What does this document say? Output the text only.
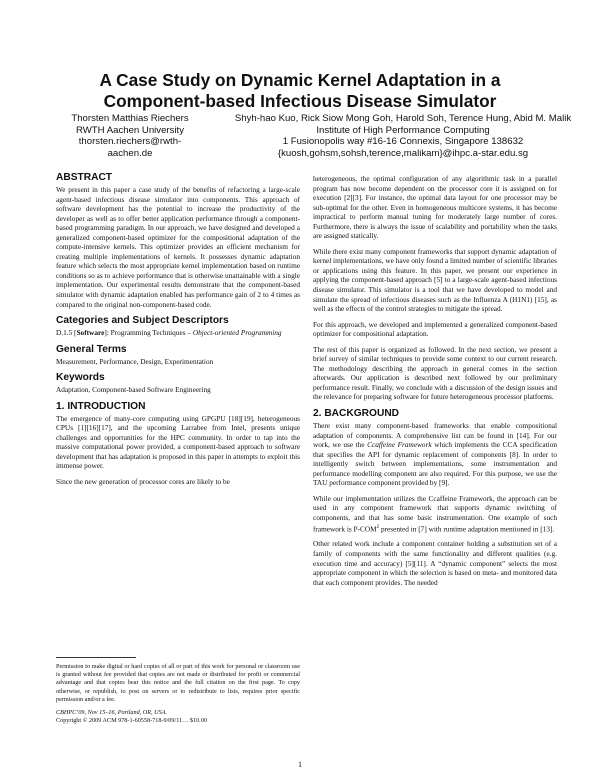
A Case Study on Dynamic Kernel Adaptation in a
Component-based Infectious Disease Simulator
Thorsten Matthias Riechers
RWTH Aachen University
thorsten.riechers@rwth-
aachen.de
Shyh-hao Kuo, Rick Siow Mong Goh, Harold Soh, Terence Hung, Abid M. Malik
Institute of High Performance Computing
1 Fusionopolis way #16-16 Connexis, Singapore 138632
{kuosh,gohsm,sohsh,terence,malikam}@ihpc.a-star.edu.sg
ABSTRACT

We present in this paper a case study of the benefits of refactoring a large-scale agent-based infectious disease simulator into components. This approach of software development has the potential to increase the productivity of the developer as well as to offer better application performance through a component-based programming paradigm. In our approach, we have designed and developed a generalized component-based optimizer for the compositional adaptation of the compute-intensive kernels. This optimizer provides an efficient mechanism for creating multiple implementations of kernels. It possesses dynamic adaptation feature which selects the most appropriate kernel implementation based on runtime conditions so as to achieve performance that is otherwise unattainable with a single implementation. Our experimental results demonstrate that the component-based simulator with dynamic adaptation enabled has performance gain of 2 to 4 times as compared to the original non-component-based code.

Categories and Subject Descriptors

D.1.5 [Software]: Programming Techniques – Object-oriented Programming

General Terms

Measurement, Performance, Design, Experimentation

Keywords

Adaptation, Component-based Software Engineering

1. INTRODUCTION

The emergence of many-core computing using GPGPU [18][19], heterogeneous CPUs [1][16][17], and the upcoming Larrabee from Intel, presents unique challenges and opportunities for the HPC community. In order to tap into the massive computational power provided, a component-based approach to software development that has adaptation is proposed in this paper in attempts to exploit this immense power.

Since the new generation of processor cores are likely to be

Permission to make digital or hard copies of all or part of this work for personal or classroom use is granted without fee provided that copies are not made or distributed for profit or commercial advantage and that copies bear this notice and the full citation on the first page. To copy otherwise, or republish, to post on servers or to redistribute to lists, requires prior specific permission and/or a fee.

CBHPC’09, Nov 15–16, Portland, OR, USA.
Copyright © 2009 ACM 978-1-60558-718-9/09/11… $10.00

heterogeneous, the optimal configuration of any algorithmic task in a parallel program has now become dependent on the processor core it is assigned on for execution [2][3]. For instance, the optimal data layout for one processor may be sub-optimal for the other. Even in homogeneous multicore systems, it has become impractical to perform manual tuning for moderately large number of cores. Furthermore, there is always the issue of scalability and portability when the tasks are assigned statically.

While there exist many component frameworks that support dynamic adaptation of kernel implementations, we have only found a limited number of scientific libraries or applications using this feature. In this paper, we present our experience in applying the component-based approach [5] to a large-scale agent-based infectious disease simulator. This simulator is a tool that we have developed to model and simulate the spread of infectious diseases such as the Influenza A (H1N1) [15], as well as the effects of the control strategies to mitigate the spread.

For this approach, we developed and implemented a generalized component-based optimizer for compositional adaptation.

The rest of this paper is organized as followed. In the next section, we present a brief survey of similar techniques to provide some context to our current research. The methodology describing the approach in general comes in the section afterwards. Our application is described next followed by our preliminary performance result. Finally, we conclude with a discussion of the design issues and the relevance for preparing software for future heterogeneous processor platforms.

2. BACKGROUND

There exist many component-based frameworks that enable compositional adaptation of components. A comprehensive list can be found in [14]. For our work, we use the Ccaffeine Framework which implements the CCA specification that specifies the API for dynamic replacement of components [8]. In order to intelligently switch between implementations, some instrumentation and performance modelling component are also required. For this purpose, we use the TAU performance component provided by [9].

While our implementation utilizes the Ccaffeine Framework, the approach can be used in any component framework that supports dynamic switching of components, and that has some basic instrumentation. One example of such framework is P-COM$^2$ presented in [7] with runtime adaptation mentioned in [13].

Other related work include a component container holding a substitution set of a family of components with the same functionality and different qualities (e.g. execution time and accuracy) [5][11]. A “dynamic component” selects the most appropriate component in which the selection is based on meta- and monitored data that each component provides. The needed

1
